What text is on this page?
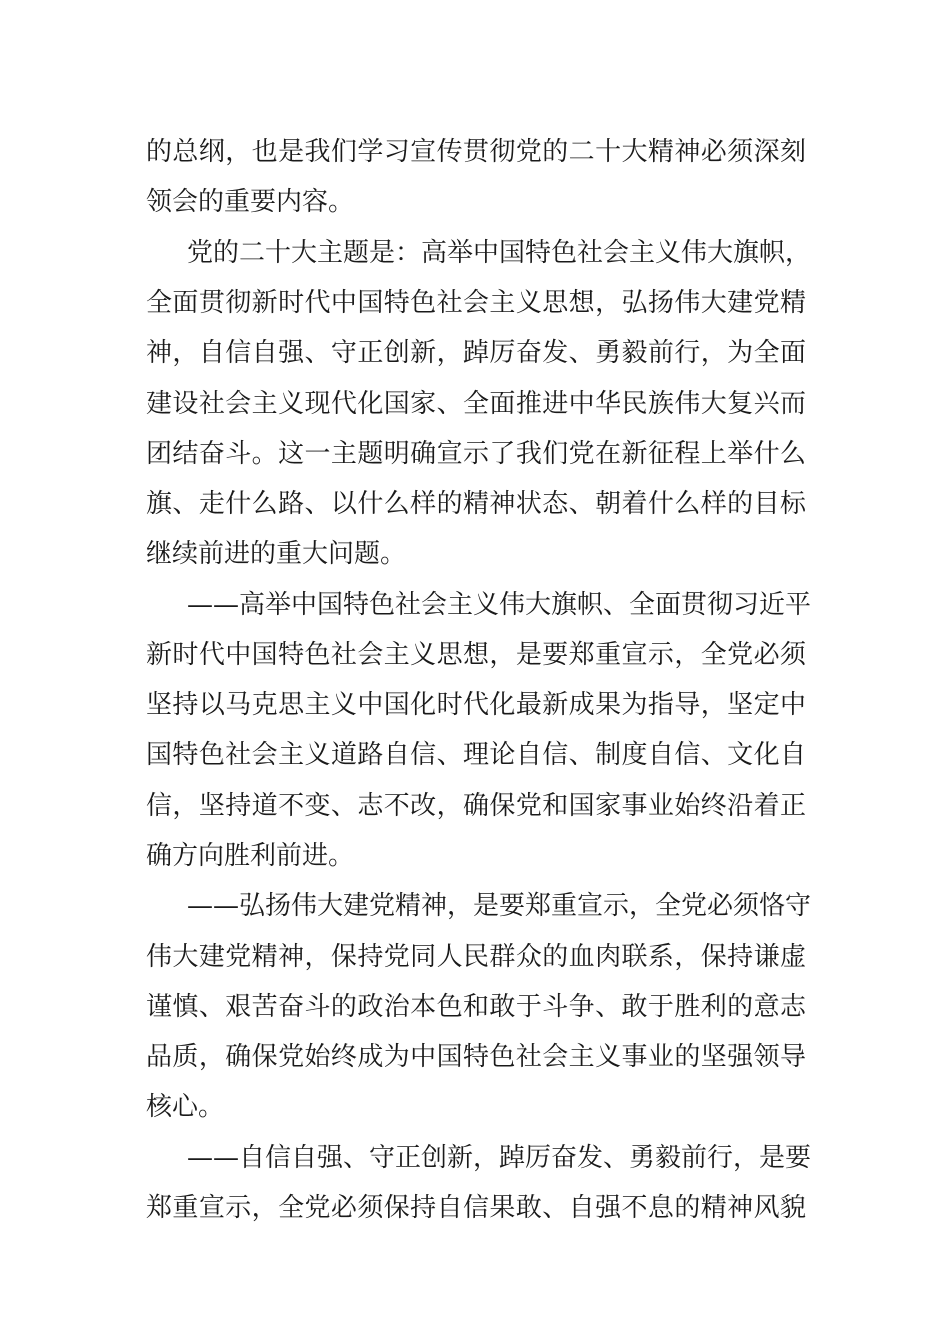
的总纲，也是我们学习宣传贯彻党的二十大精神必须深刻
领会的重要内容。
党的二十大主题是：高举中国特色社会主义伟大旗帜，
全面贯彻新时代中国特色社会主义思想，弘扬伟大建党精
神，自信自强、守正创新，踔厉奋发、勇毅前行，为全面
建设社会主义现代化国家、全面推进中华民族伟大复兴而
团结奋斗。这一主题明确宣示了我们党在新征程上举什么
旗、走什么路、以什么样的精神状态、朝着什么样的目标
继续前进的重大问题。
——高举中国特色社会主义伟大旗帜、全面贯彻习近平
新时代中国特色社会主义思想，是要郑重宣示，全党必须
坚持以马克思主义中国化时代化最新成果为指导，坚定中
国特色社会主义道路自信、理论自信、制度自信、文化自
信，坚持道不变、志不改，确保党和国家事业始终沿着正
确方向胜利前进。
——弘扬伟大建党精神，是要郑重宣示，全党必须恪守
伟大建党精神，保持党同人民群众的血肉联系，保持谦虚
谨慎、艰苦奋斗的政治本色和敢于斗争、敢于胜利的意志
品质，确保党始终成为中国特色社会主义事业的坚强领导
核心。
——自信自强、守正创新，踔厉奋发、勇毅前行，是要
郑重宣示，全党必须保持自信果敢、自强不息的精神风貌
